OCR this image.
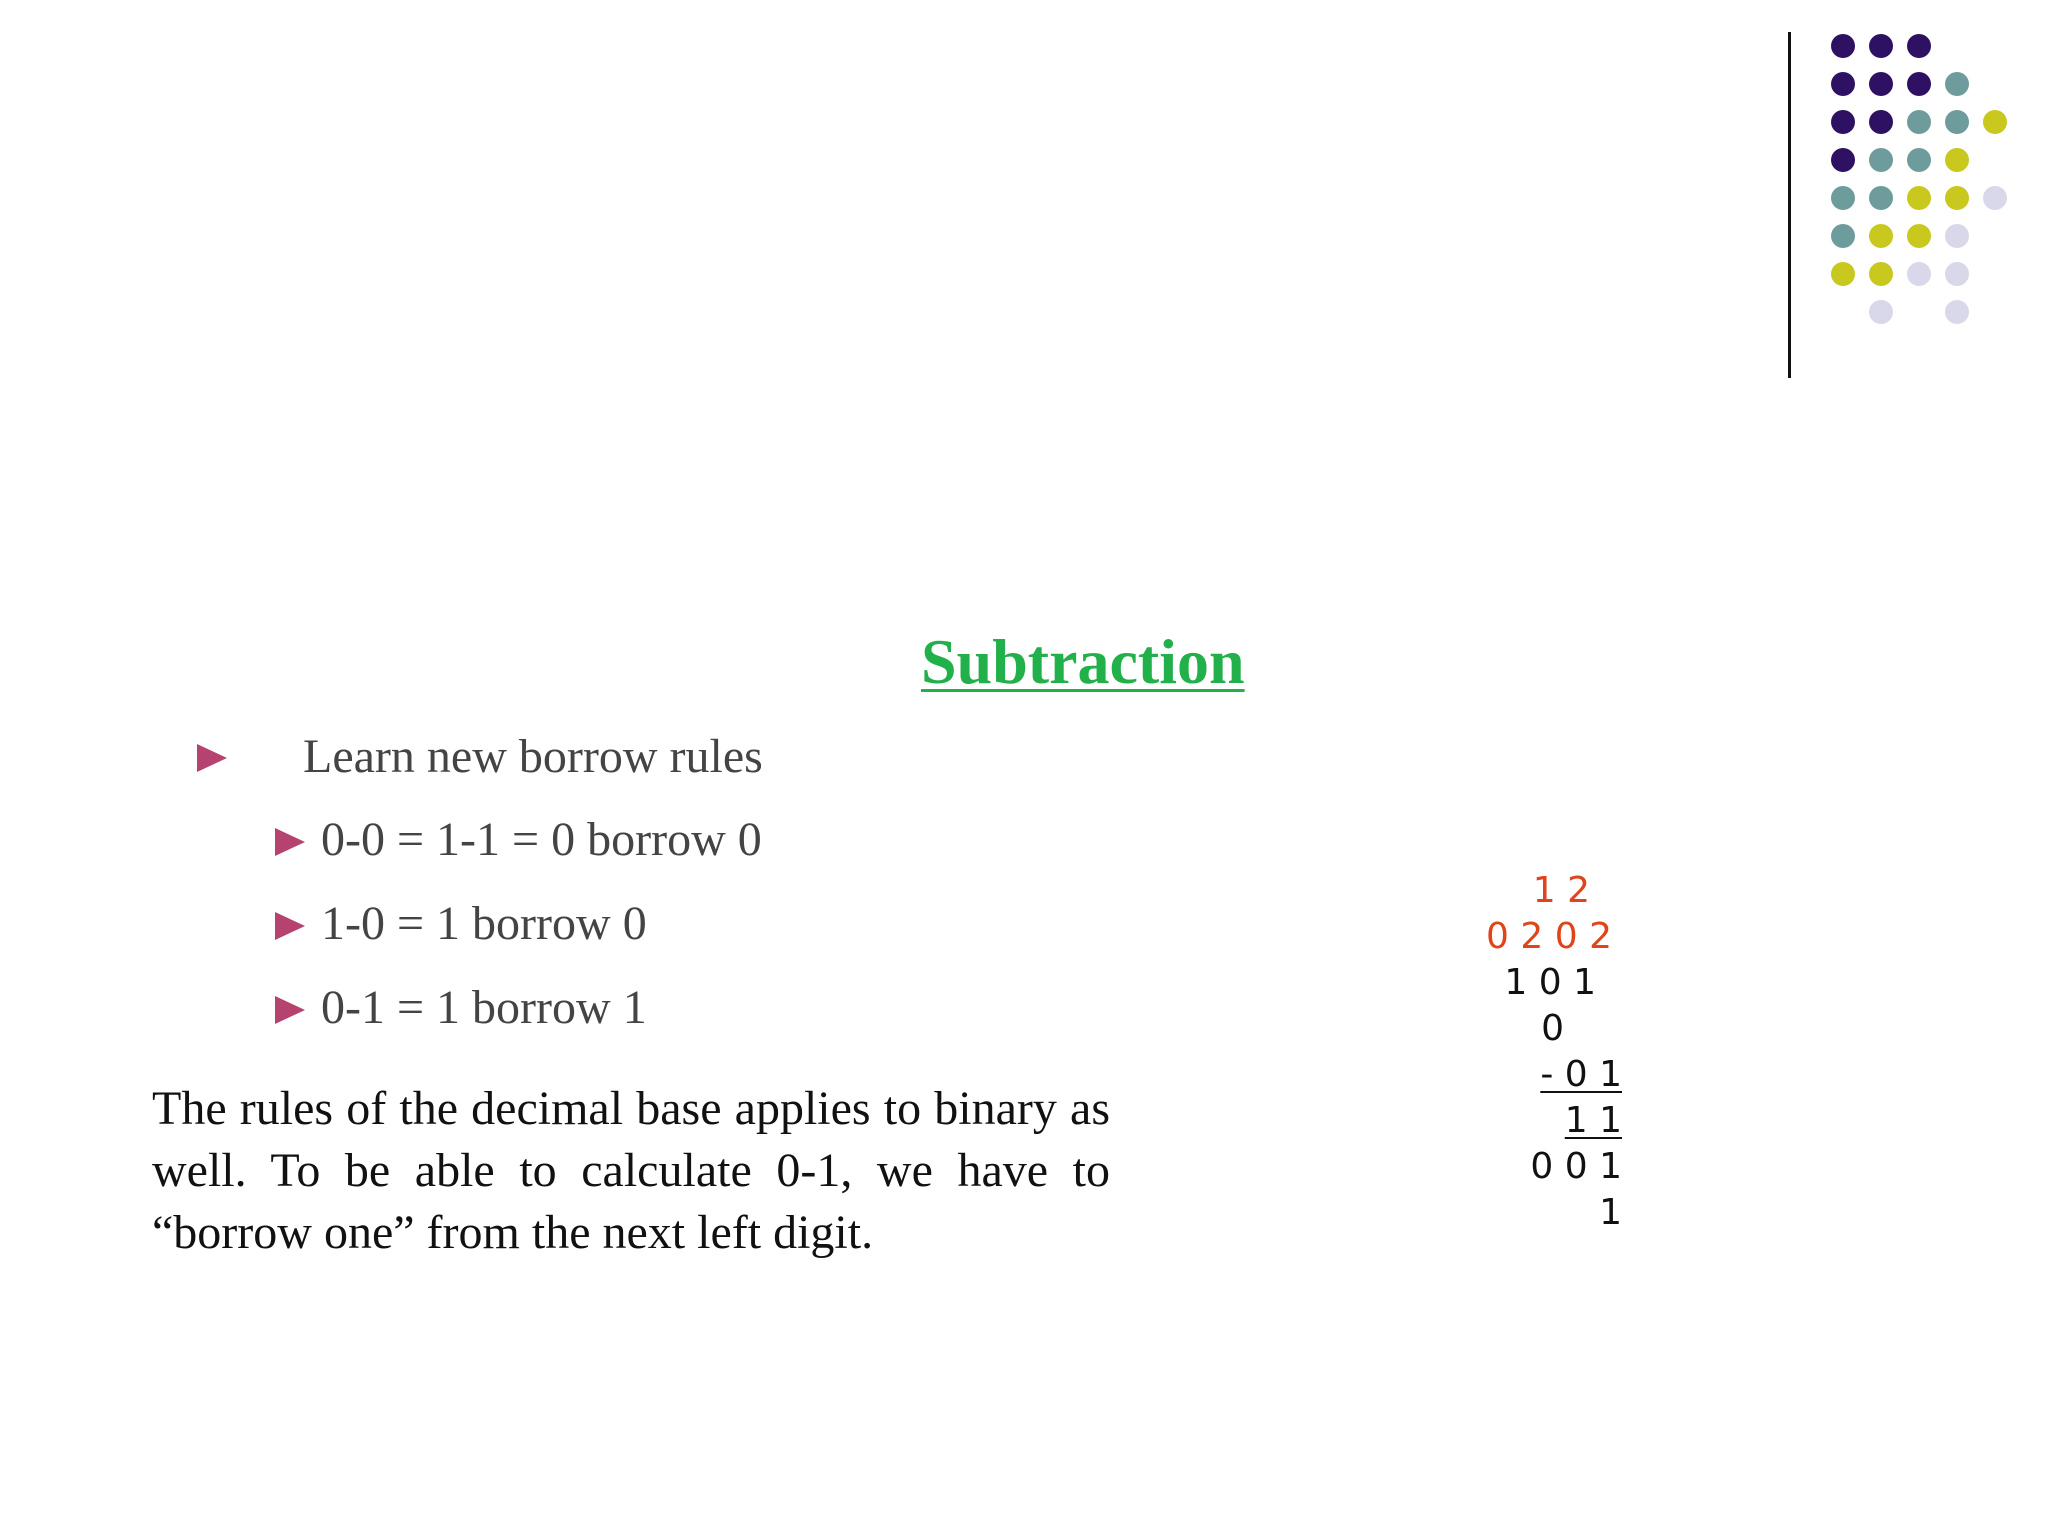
Subtraction
Learn new borrow rules
0-0 = 1-1 = 0 borrow 0
1-0 = 1 borrow 0
0-1 = 1 borrow 1
The rules of the decimal base applies to binary as well. To be able to calculate 0-1, we have to “borrow one” from the next left digit.
1 2
0 2 0 2
1 0 1
0
- 0 1
1 1
0 0 1
1
